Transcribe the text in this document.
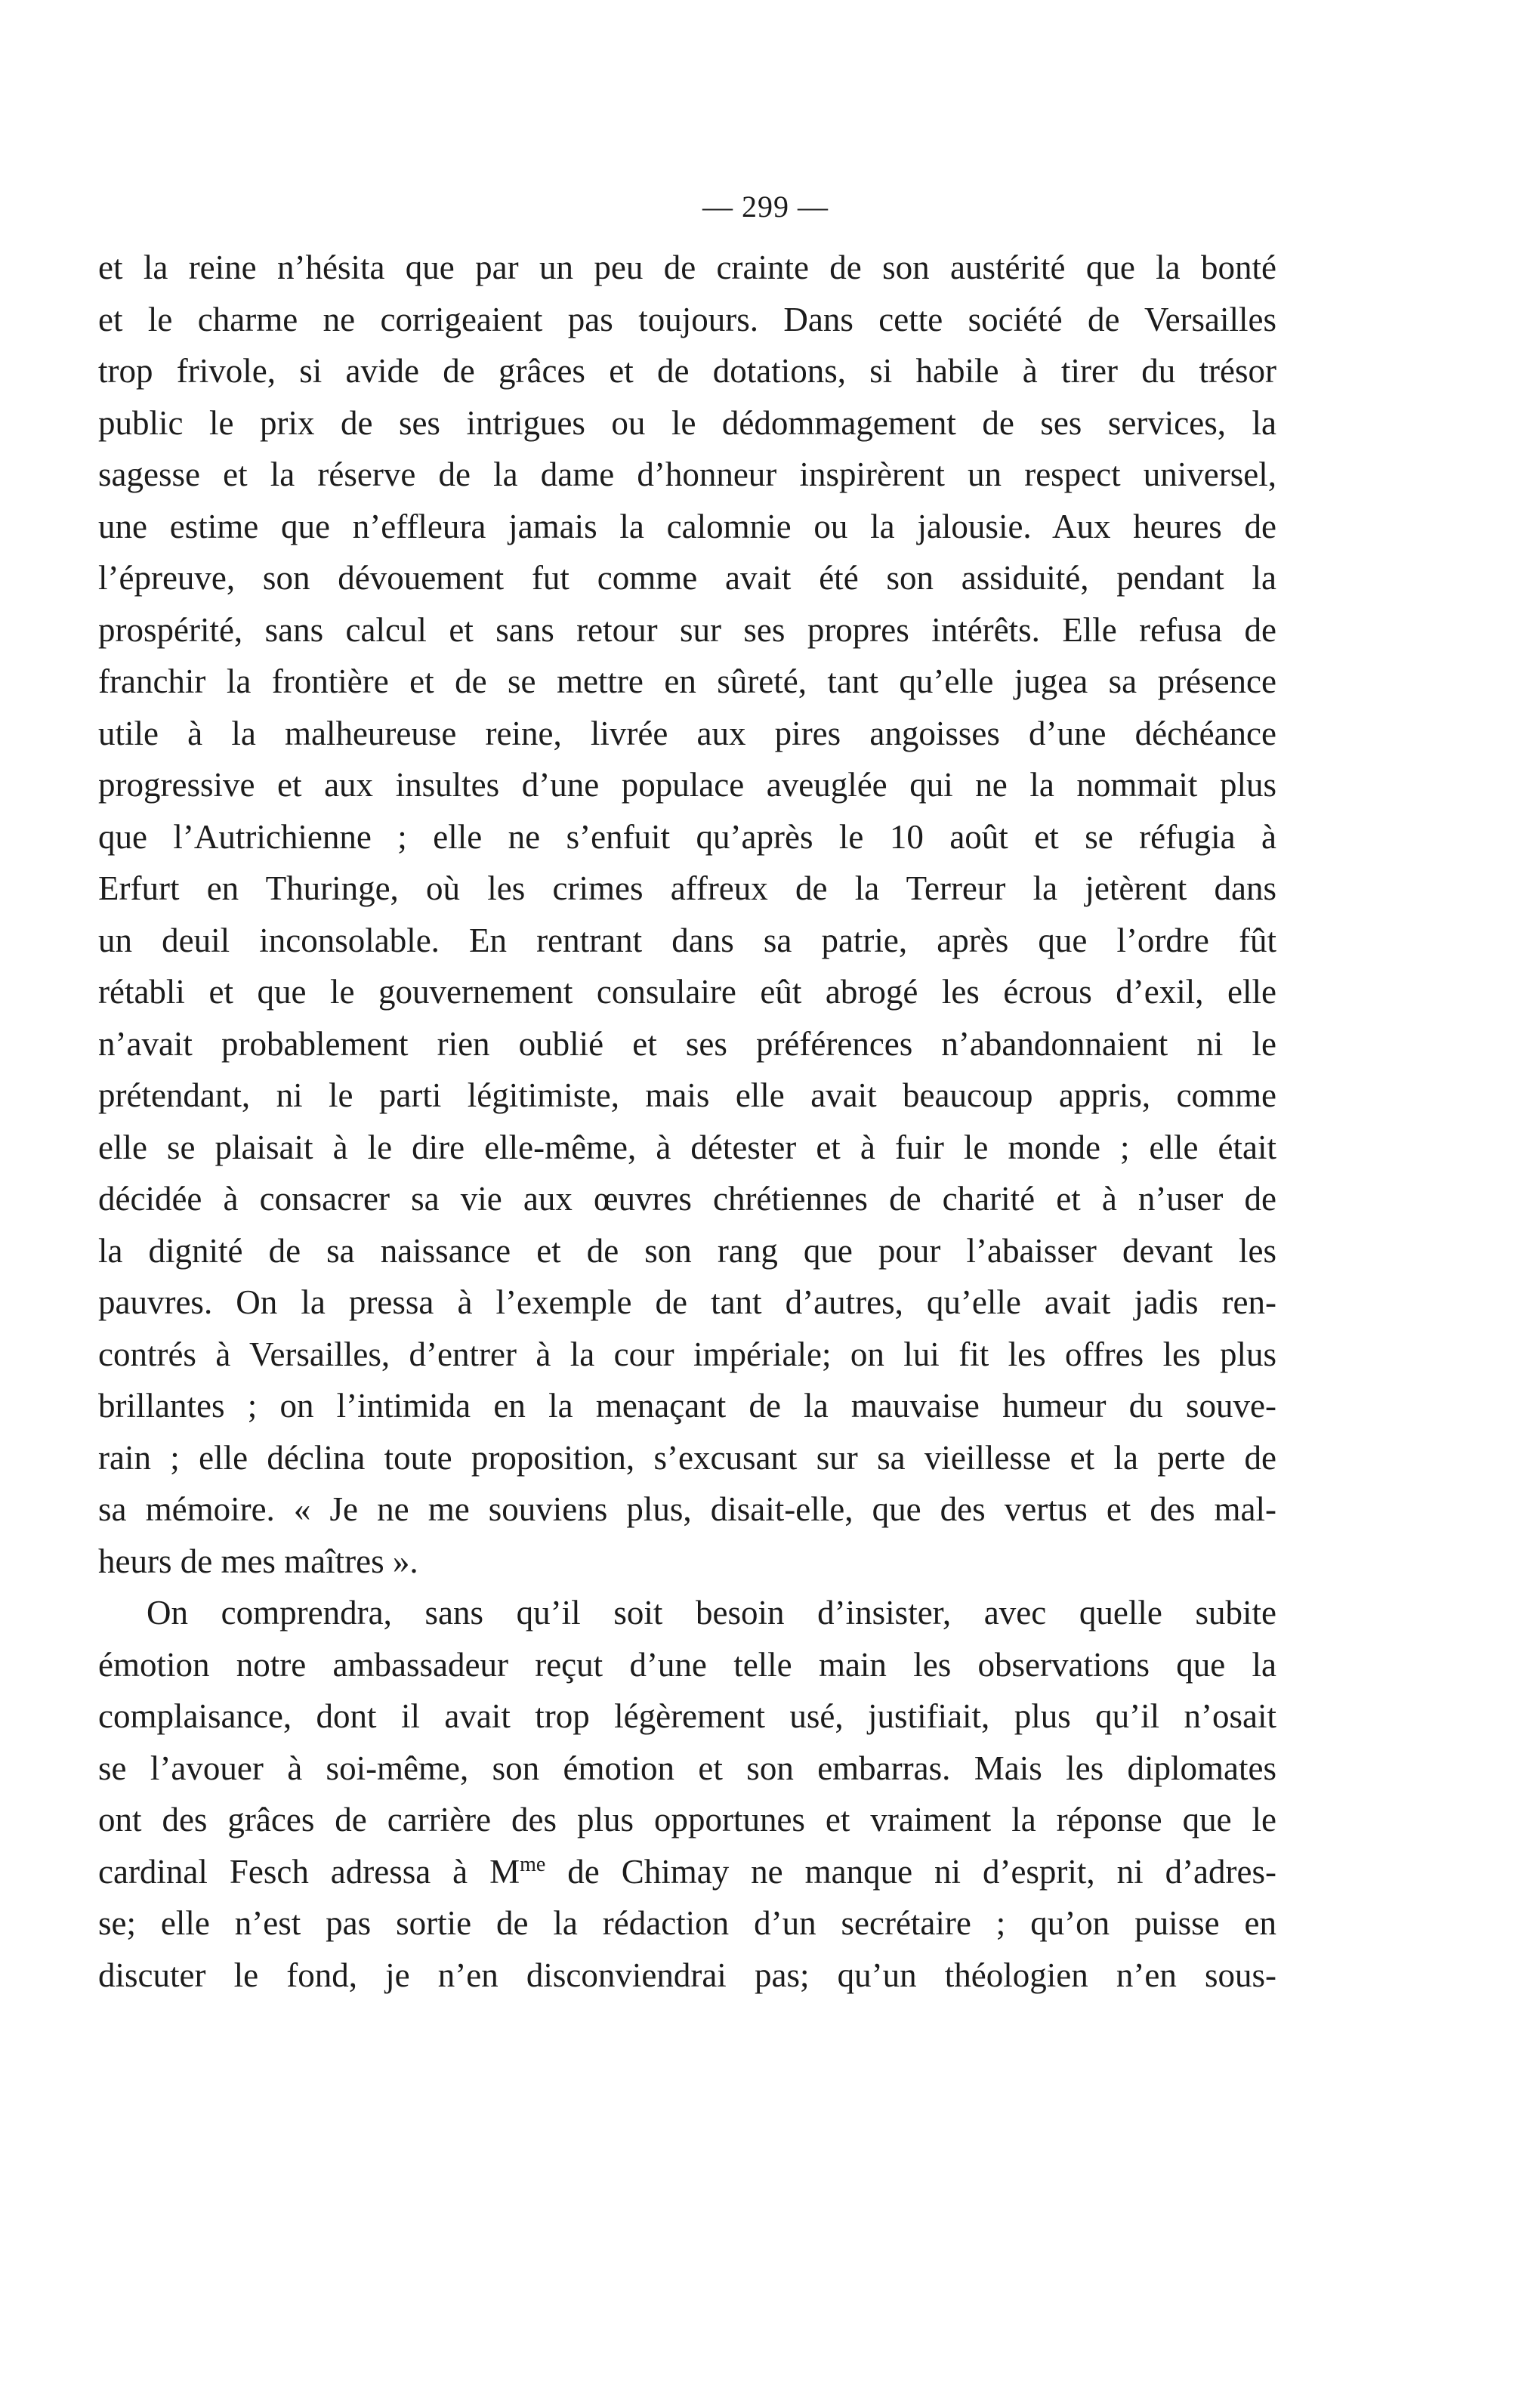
— 299 —
et la reine n’hésita que par un peu de crainte de son austérité que la bonté
et le charme ne corrigeaient pas toujours. Dans cette société de Versailles
trop frivole, si avide de grâces et de dotations, si habile à tirer du trésor
public le prix de ses intrigues ou le dédommagement de ses services, la
sagesse et la réserve de la dame d’honneur inspirèrent un respect universel,
une estime que n’effleura jamais la calomnie ou la jalousie. Aux heures de
l’épreuve, son dévouement fut comme avait été son assiduité, pendant la
prospérité, sans calcul et sans retour sur ses propres intérêts. Elle refusa de
franchir la frontière et de se mettre en sûreté, tant qu’elle jugea sa présence
utile à la malheureuse reine, livrée aux pires angoisses d’une déchéance
progressive et aux insultes d’une populace aveuglée qui ne la nommait plus
que l’Autrichienne ; elle ne s’enfuit qu’après le 10 août et se réfugia à
Erfurt en Thuringe, où les crimes affreux de la Terreur la jetèrent dans
un deuil inconsolable. En rentrant dans sa patrie, après que l’ordre fût
rétabli et que le gouvernement consulaire eût abrogé les écrous d’exil, elle
n’avait probablement rien oublié et ses préférences n’abandonnaient ni le
prétendant, ni le parti légitimiste, mais elle avait beaucoup appris, comme
elle se plaisait à le dire elle-même, à détester et à fuir le monde ; elle était
décidée à consacrer sa vie aux œuvres chrétiennes de charité et à n’user de
la dignité de sa naissance et de son rang que pour l’abaisser devant les
pauvres. On la pressa à l’exemple de tant d’autres, qu’elle avait jadis ren-
contrés à Versailles, d’entrer à la cour impériale; on lui fit les offres les plus
brillantes ; on l’intimida en la menaçant de la mauvaise humeur du souve-
rain ; elle déclina toute proposition, s’excusant sur sa vieillesse et la perte de
sa mémoire. « Je ne me souviens plus, disait-elle, que des vertus et des mal-
heurs de mes maîtres ».
On comprendra, sans qu’il soit besoin d’insister, avec quelle subite
émotion notre ambassadeur reçut d’une telle main les observations que la
complaisance, dont il avait trop légèrement usé, justifiait, plus qu’il n’osait
se l’avouer à soi-même, son émotion et son embarras. Mais les diplomates
ont des grâces de carrière des plus opportunes et vraiment la réponse que le
cardinal Fesch adressa à $M^{me}$ de Chimay ne manque ni d’esprit, ni d’adres-
se; elle n’est pas sortie de la rédaction d’un secrétaire ; qu’on puisse en
discuter le fond, je n’en disconviendrai pas; qu’un théologien n’en sous-
